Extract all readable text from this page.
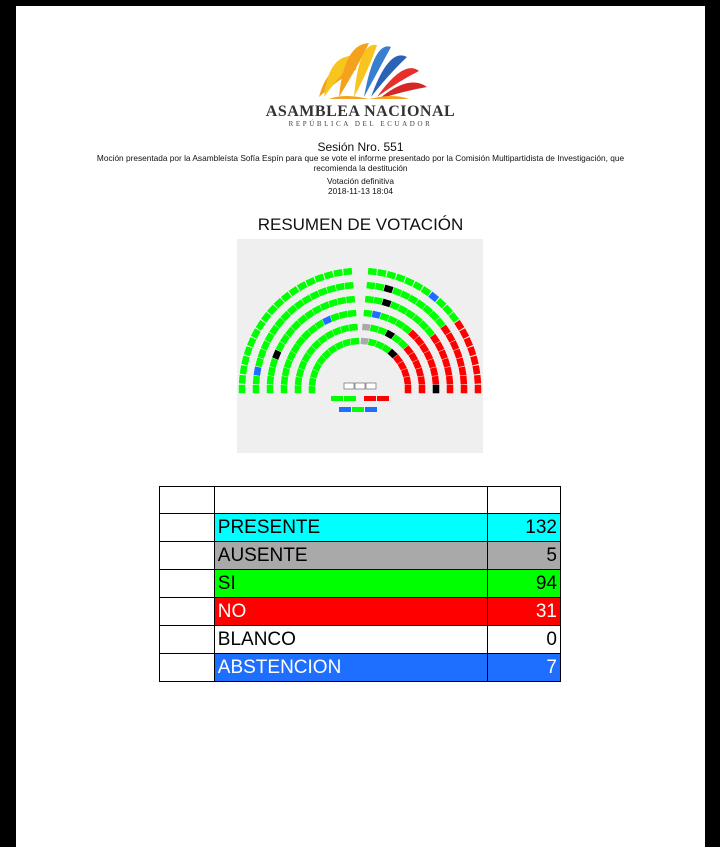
ASAMBLEA NACIONAL
REPÚBLICA DEL ECUADOR
Sesión Nro. 551
Moción presentada por la Asambleísta Sofía Espín para que se vote el informe presentado por la Comisión Multipartidista de Investigación, que recomienda la destitución
Votación definitiva
2018-11-13 18:04
RESUMEN DE VOTACIÓN

	PRESENTE	132
	AUSENTE	5
	SI	94
	NO	31
	BLANCO	0
	ABSTENCION	7
